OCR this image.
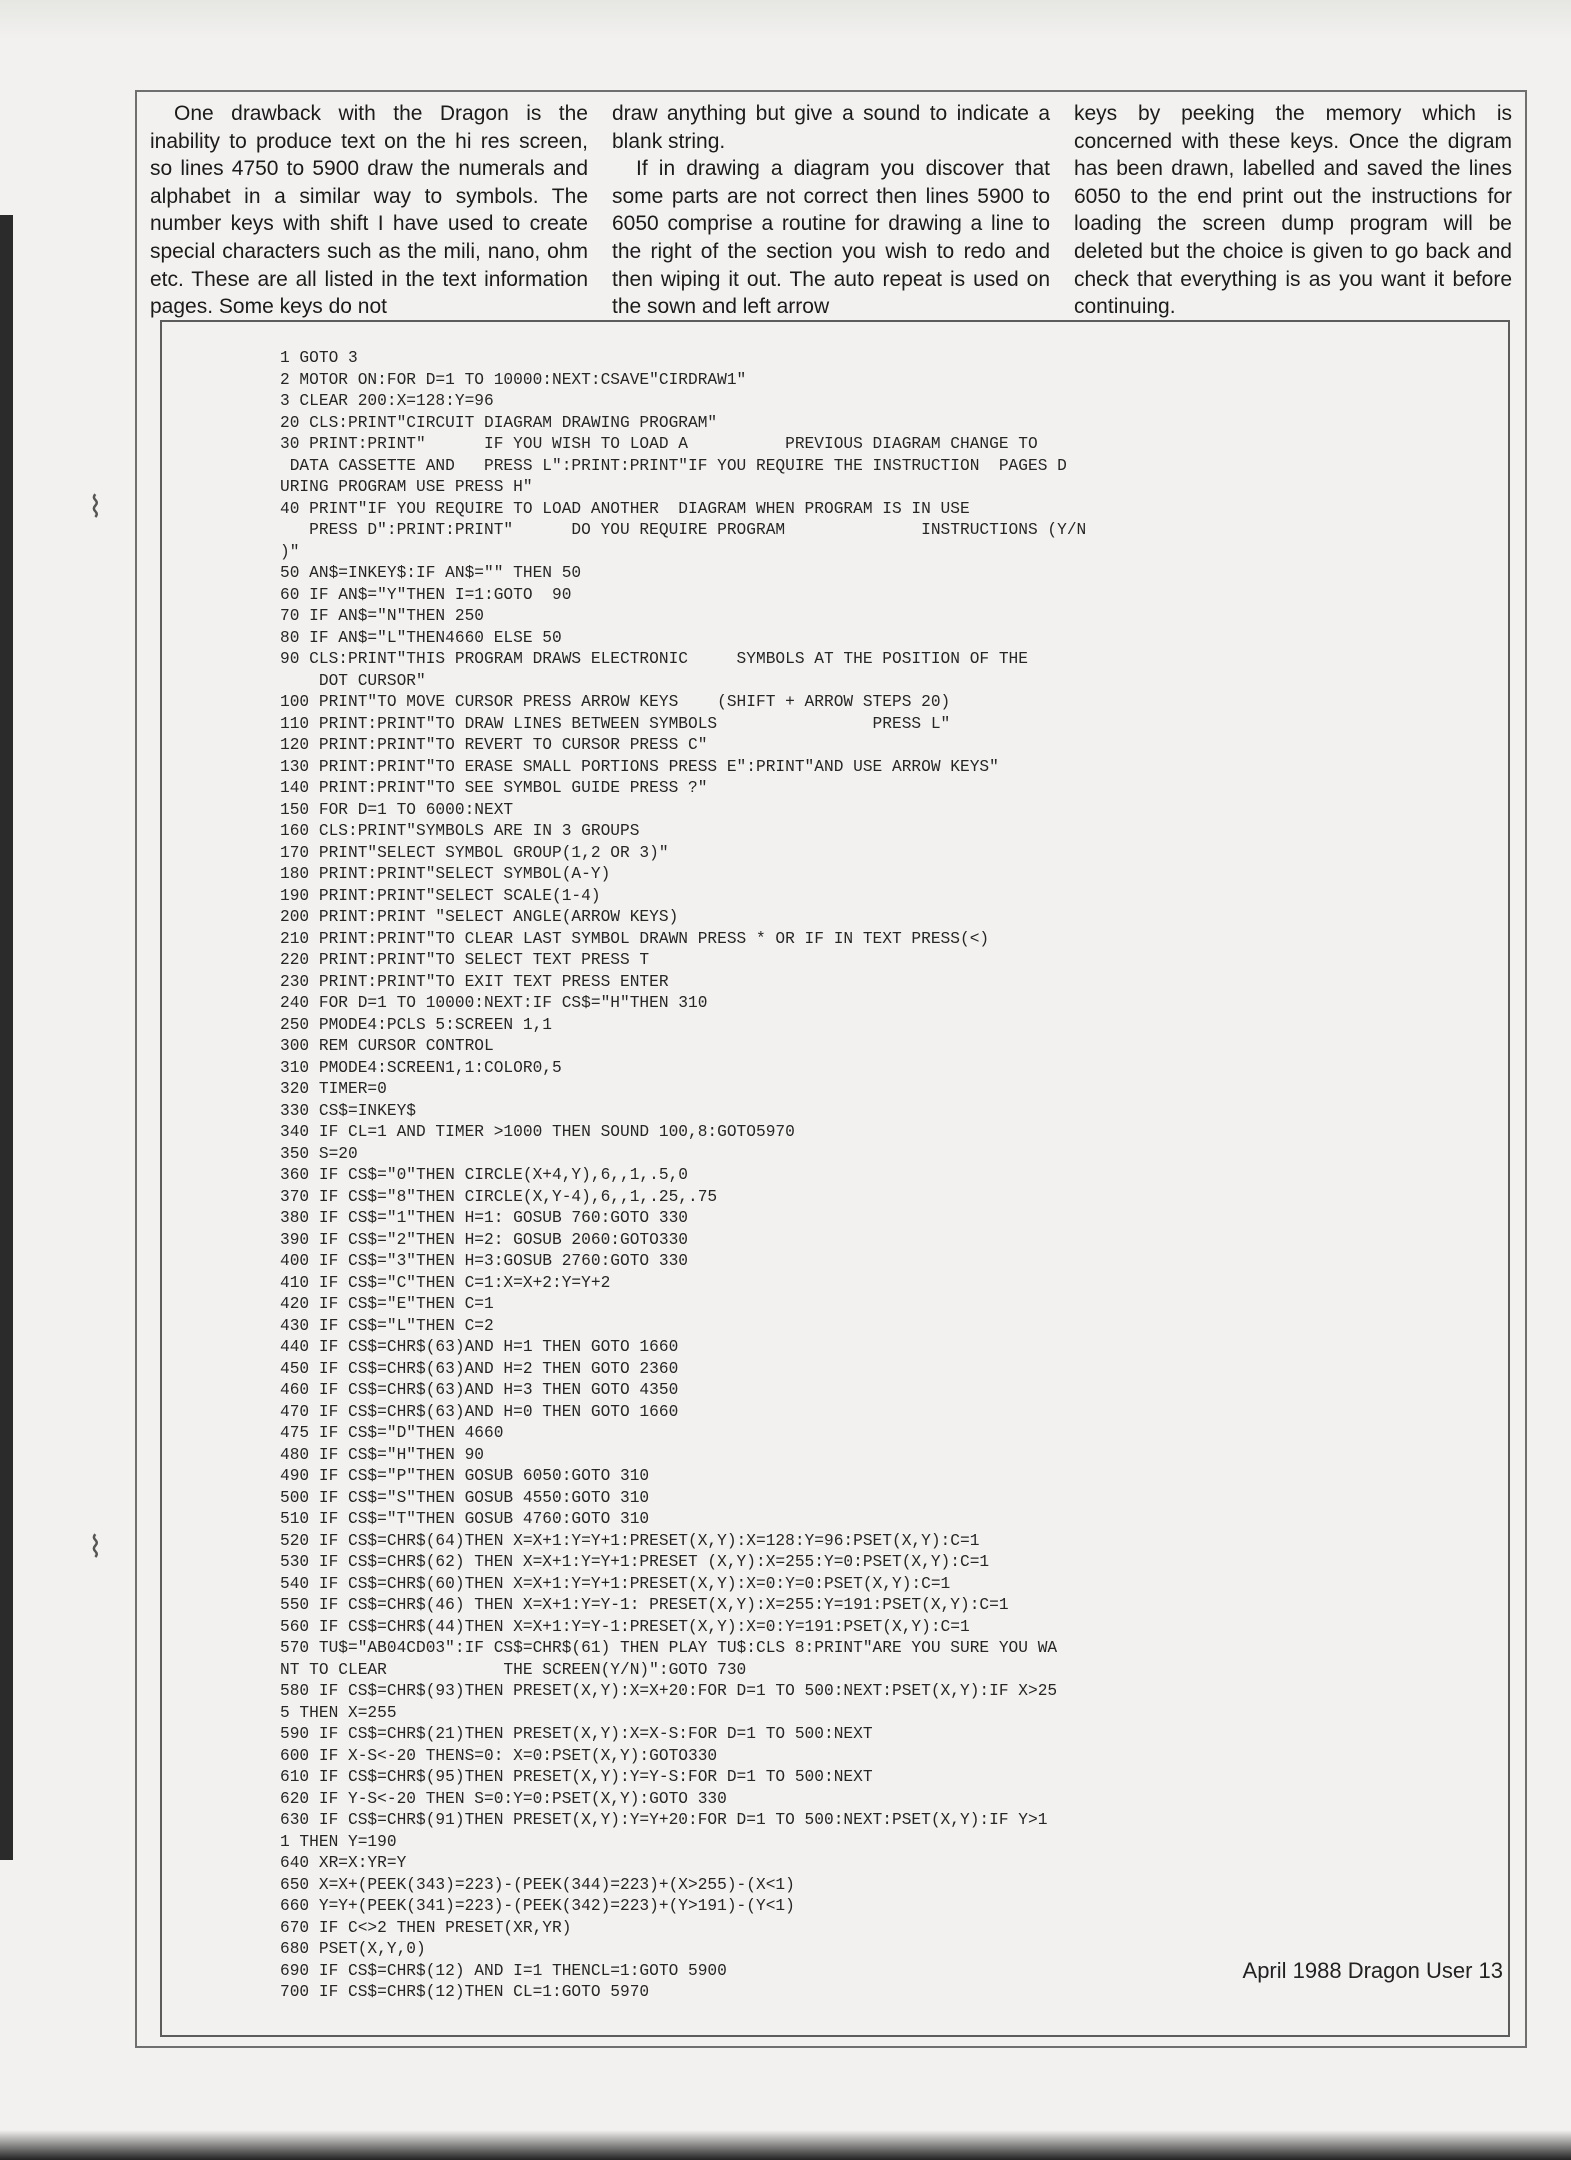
One drawback with the Dragon is the inability to produce text on the hi res screen, so lines 4750 to 5900 draw the numerals and alphabet in a similar way to symbols. The number keys with shift I have used to create special characters such as the mili, nano, ohm etc. These are all listed in the text information pages. Some keys do not

draw anything but give a sound to indicate a blank string.

If in drawing a diagram you discover that some parts are not correct then lines 5900 to 6050 comprise a routine for drawing a line to the right of the section you wish to redo and then wiping it out. The auto repeat is used on the sown and left arrow

keys by peeking the memory which is concerned with these keys. Once the digram has been drawn, labelled and saved the lines 6050 to the end print out the instructions for loading the screen dump program will be deleted but the choice is given to go back and check that everything is as you want it before continuing.

1 GOTO 3
2 MOTOR ON:FOR D=1 TO 10000:NEXT:CSAVE"CIRDRAW1"
3 CLEAR 200:X=128:Y=96
20 CLS:PRINT"CIRCUIT DIAGRAM DRAWING PROGRAM"
30 PRINT:PRINT"      IF YOU WISH TO LOAD A          PREVIOUS DIAGRAM CHANGE TO
DATA CASSETTE AND   PRESS L":PRINT:PRINT"IF YOU REQUIRE THE INSTRUCTION  PAGES D
URING PROGRAM USE PRESS H"
40 PRINT"IF YOU REQUIRE TO LOAD ANOTHER  DIAGRAM WHEN PROGRAM IS IN USE
PRESS D":PRINT:PRINT"      DO YOU REQUIRE PROGRAM              INSTRUCTIONS (Y/N
)"
50 AN$=INKEY$:IF AN$="" THEN 50
60 IF AN$="Y"THEN I=1:GOTO  90
70 IF AN$="N"THEN 250
80 IF AN$="L"THEN4660 ELSE 50
90 CLS:PRINT"THIS PROGRAM DRAWS ELECTRONIC     SYMBOLS AT THE POSITION OF THE
DOT CURSOR"
100 PRINT"TO MOVE CURSOR PRESS ARROW KEYS    (SHIFT + ARROW STEPS 20)
110 PRINT:PRINT"TO DRAW LINES BETWEEN SYMBOLS                PRESS L"
120 PRINT:PRINT"TO REVERT TO CURSOR PRESS C"
130 PRINT:PRINT"TO ERASE SMALL PORTIONS PRESS E":PRINT"AND USE ARROW KEYS"
140 PRINT:PRINT"TO SEE SYMBOL GUIDE PRESS ?"
150 FOR D=1 TO 6000:NEXT
160 CLS:PRINT"SYMBOLS ARE IN 3 GROUPS
170 PRINT"SELECT SYMBOL GROUP(1,2 OR 3)"
180 PRINT:PRINT"SELECT SYMBOL(A-Y)
190 PRINT:PRINT"SELECT SCALE(1-4)
200 PRINT:PRINT "SELECT ANGLE(ARROW KEYS)
210 PRINT:PRINT"TO CLEAR LAST SYMBOL DRAWN PRESS * OR IF IN TEXT PRESS(<)
220 PRINT:PRINT"TO SELECT TEXT PRESS T
230 PRINT:PRINT"TO EXIT TEXT PRESS ENTER
240 FOR D=1 TO 10000:NEXT:IF CS$="H"THEN 310
250 PMODE4:PCLS 5:SCREEN 1,1
300 REM CURSOR CONTROL
310 PMODE4:SCREEN1,1:COLOR0,5
320 TIMER=0
330 CS$=INKEY$
340 IF CL=1 AND TIMER >1000 THEN SOUND 100,8:GOTO5970
350 S=20
360 IF CS$="0"THEN CIRCLE(X+4,Y),6,,1,.5,0
370 IF CS$="8"THEN CIRCLE(X,Y-4),6,,1,.25,.75
380 IF CS$="1"THEN H=1: GOSUB 760:GOTO 330
390 IF CS$="2"THEN H=2: GOSUB 2060:GOTO330
400 IF CS$="3"THEN H=3:GOSUB 2760:GOTO 330
410 IF CS$="C"THEN C=1:X=X+2:Y=Y+2
420 IF CS$="E"THEN C=1
430 IF CS$="L"THEN C=2
440 IF CS$=CHR$(63)AND H=1 THEN GOTO 1660
450 IF CS$=CHR$(63)AND H=2 THEN GOTO 2360
460 IF CS$=CHR$(63)AND H=3 THEN GOTO 4350
470 IF CS$=CHR$(63)AND H=0 THEN GOTO 1660
475 IF CS$="D"THEN 4660
480 IF CS$="H"THEN 90
490 IF CS$="P"THEN GOSUB 6050:GOTO 310
500 IF CS$="S"THEN GOSUB 4550:GOTO 310
510 IF CS$="T"THEN GOSUB 4760:GOTO 310
520 IF CS$=CHR$(64)THEN X=X+1:Y=Y+1:PRESET(X,Y):X=128:Y=96:PSET(X,Y):C=1
530 IF CS$=CHR$(62) THEN X=X+1:Y=Y+1:PRESET (X,Y):X=255:Y=0:PSET(X,Y):C=1
540 IF CS$=CHR$(60)THEN X=X+1:Y=Y+1:PRESET(X,Y):X=0:Y=0:PSET(X,Y):C=1
550 IF CS$=CHR$(46) THEN X=X+1:Y=Y-1: PRESET(X,Y):X=255:Y=191:PSET(X,Y):C=1
560 IF CS$=CHR$(44)THEN X=X+1:Y=Y-1:PRESET(X,Y):X=0:Y=191:PSET(X,Y):C=1
570 TU$="AB04CD03":IF CS$=CHR$(61) THEN PLAY TU$:CLS 8:PRINT"ARE YOU SURE YOU WA
NT TO CLEAR            THE SCREEN(Y/N)":GOTO 730
580 IF CS$=CHR$(93)THEN PRESET(X,Y):X=X+20:FOR D=1 TO 500:NEXT:PSET(X,Y):IF X>25
5 THEN X=255
590 IF CS$=CHR$(21)THEN PRESET(X,Y):X=X-S:FOR D=1 TO 500:NEXT
600 IF X-S<-20 THENS=0: X=0:PSET(X,Y):GOTO330
610 IF CS$=CHR$(95)THEN PRESET(X,Y):Y=Y-S:FOR D=1 TO 500:NEXT
620 IF Y-S<-20 THEN S=0:Y=0:PSET(X,Y):GOTO 330
630 IF CS$=CHR$(91)THEN PRESET(X,Y):Y=Y+20:FOR D=1 TO 500:NEXT:PSET(X,Y):IF Y>1
1 THEN Y=190
640 XR=X:YR=Y
650 X=X+(PEEK(343)=223)-(PEEK(344)=223)+(X>255)-(X<1)
660 Y=Y+(PEEK(341)=223)-(PEEK(342)=223)+(Y>191)-(Y<1)
670 IF C<>2 THEN PRESET(XR,YR)
680 PSET(X,Y,0)
690 IF CS$=CHR$(12) AND I=1 THENCL=1:GOTO 5900
700 IF CS$=CHR$(12)THEN CL=1:GOTO 5970
⌇
⌇
April 1988 Dragon User 13
